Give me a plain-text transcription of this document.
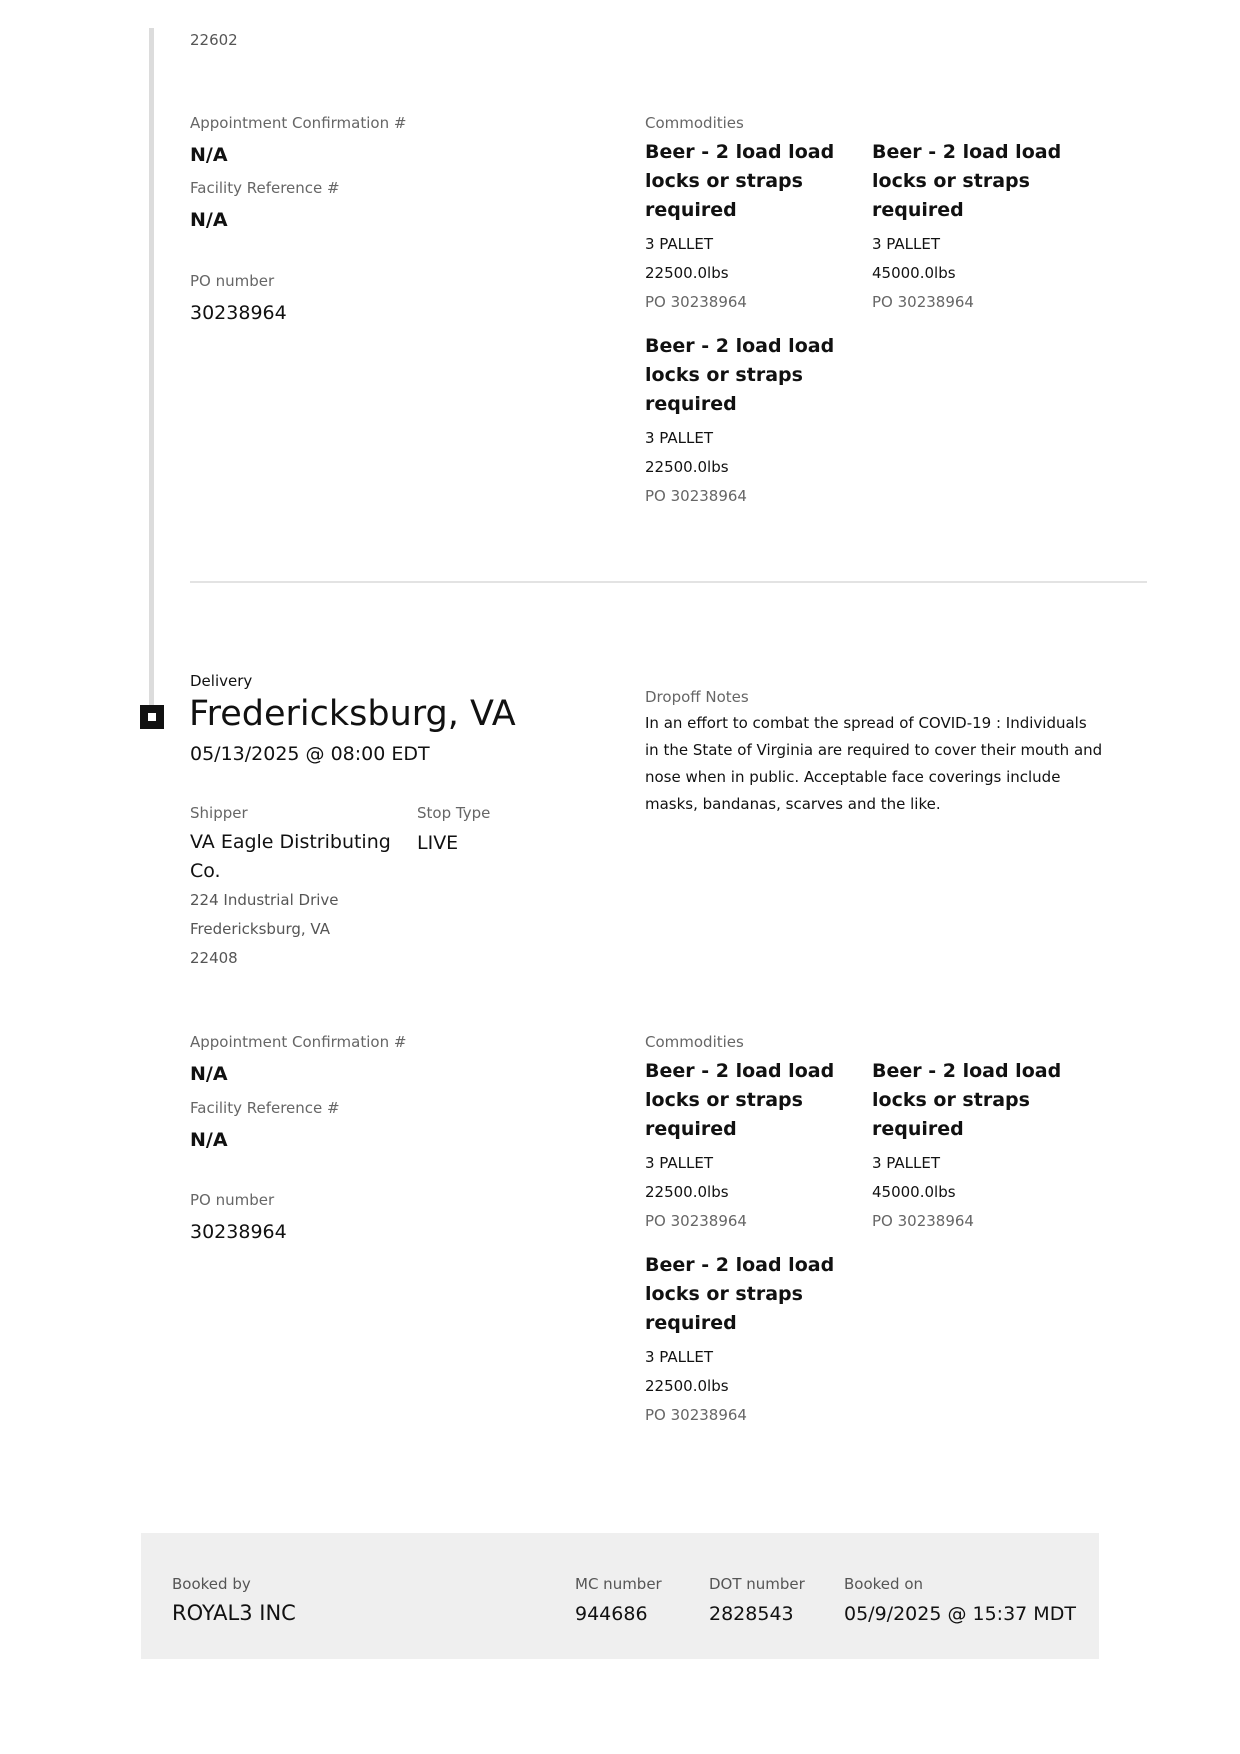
22602
Appointment Confirmation #
N/A
Facility Reference #
N/A
PO number
30238964
Commodities
Beer - 2 load load locks or straps required
3 PALLET
22500.0lbs
PO 30238964
Beer - 2 load load locks or straps required
3 PALLET
45000.0lbs
PO 30238964
Beer - 2 load load locks or straps required
3 PALLET
22500.0lbs
PO 30238964
Delivery
Fredericksburg, VA
05/13/2025 @ 08:00 EDT
Shipper
VA Eagle Distributing Co.
224 Industrial Drive
Fredericksburg, VA
22408
Stop Type
LIVE
Dropoff Notes
In an effort to combat the spread of COVID-19 : Individuals in the State of Virginia are required to cover their mouth and nose when in public. Acceptable face coverings include masks, bandanas, scarves and the like.
Appointment Confirmation #
N/A
Facility Reference #
N/A
PO number
30238964
Commodities
Beer - 2 load load locks or straps required
3 PALLET
22500.0lbs
PO 30238964
Beer - 2 load load locks or straps required
3 PALLET
45000.0lbs
PO 30238964
Beer - 2 load load locks or straps required
3 PALLET
22500.0lbs
PO 30238964
Booked by
ROYAL3 INC
MC number
944686
DOT number
2828543
Booked on
05/9/2025 @ 15:37 MDT
